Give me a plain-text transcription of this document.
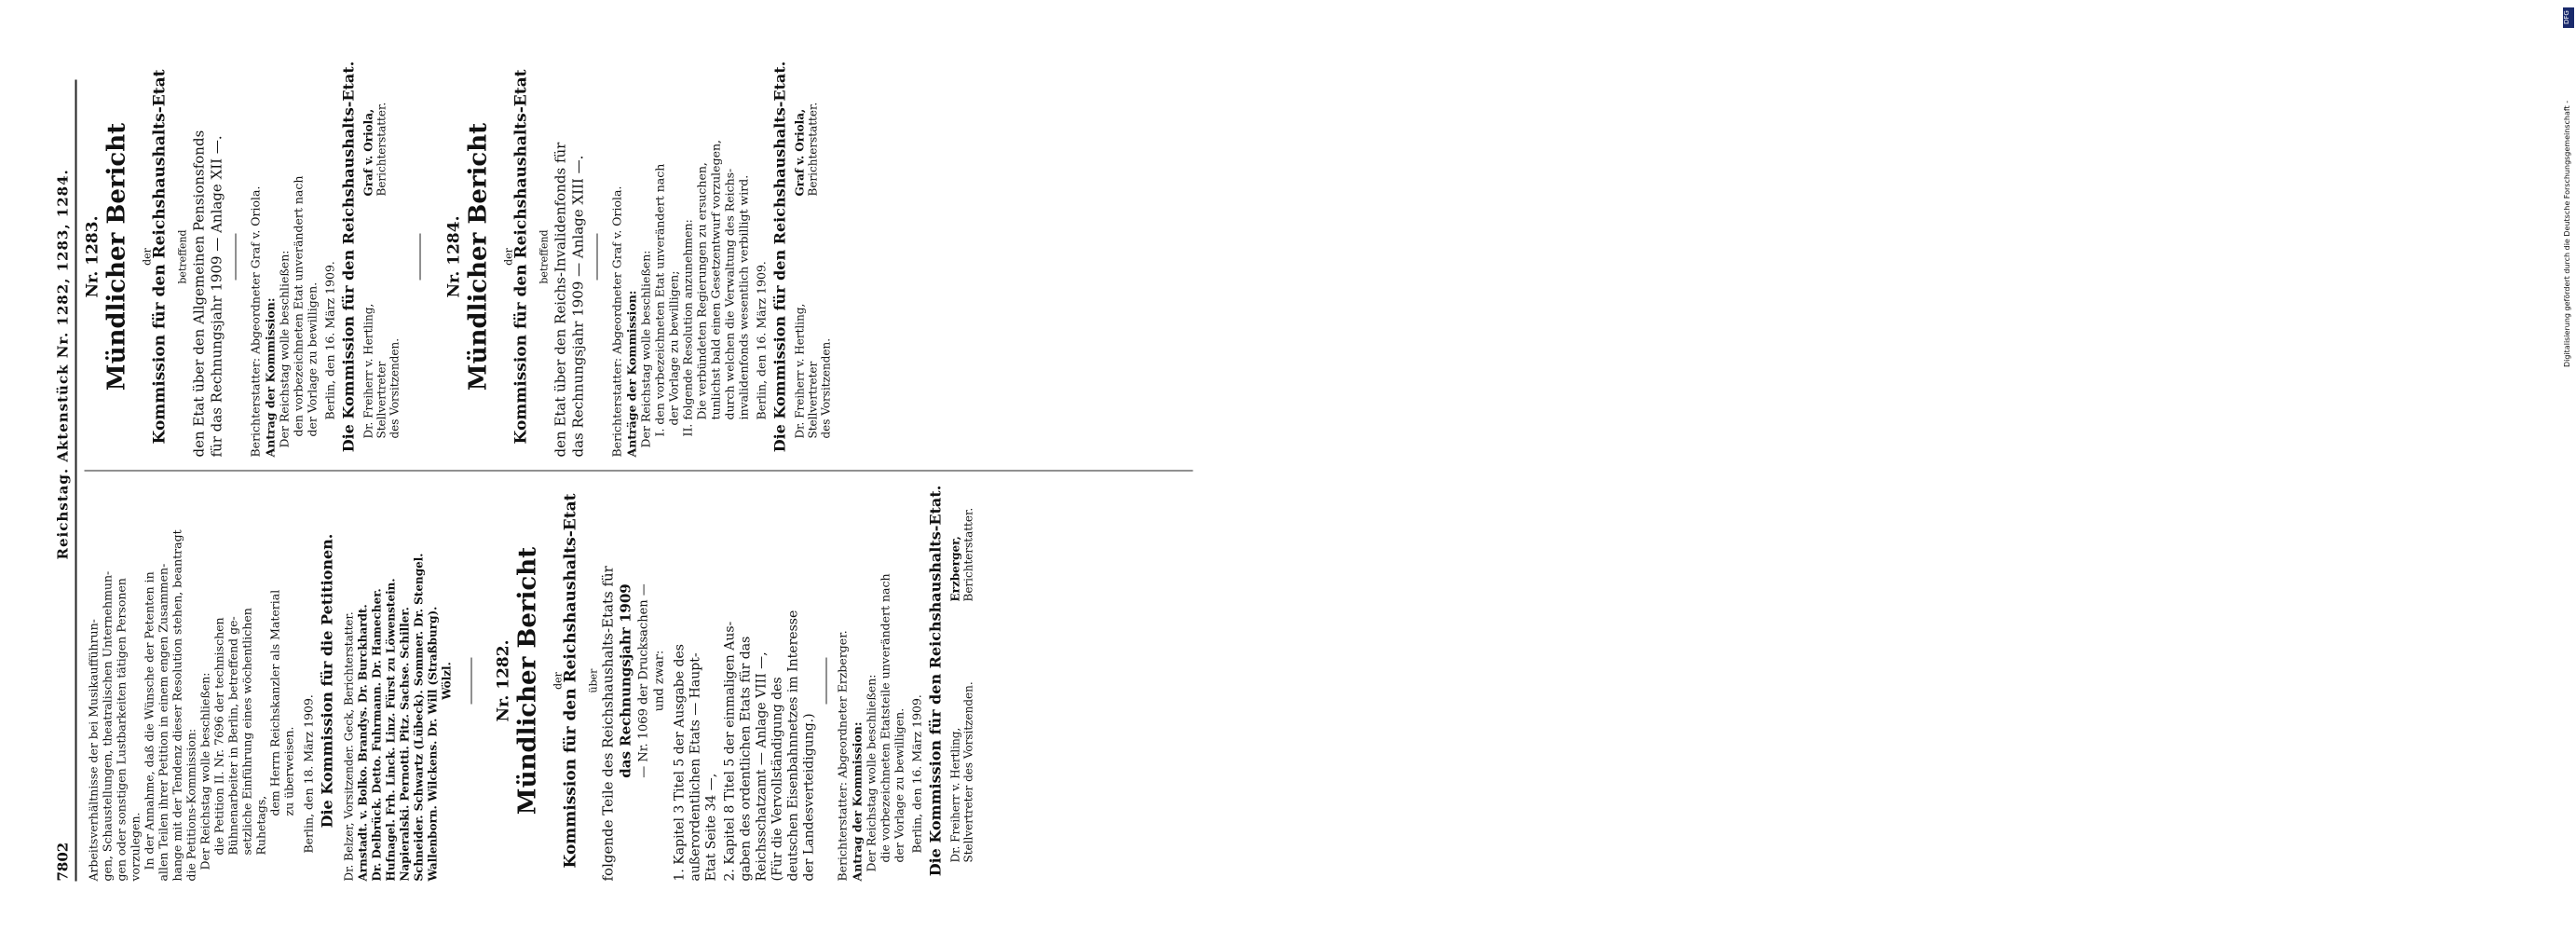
7802
Reichstag. Aktenstück Nr. 1282, 1283, 1284.
Arbeitsverhältnisse der bei Musikaufführun- gen, Schaustellungen, theatralischen Unternehmun- gen oder sonstigen Lustbarkeiten tätigen Personen vorzulegen. In der Annahme, daß die Wünsche der Petenten in allen Teilen ihrer Petition in einem engen Zusammen- hange mit der Tendenz dieser Resolution stehen, beantragt die Petitions-Kommission: Der Reichstag wolle beschließen: die Petition II. Nr. 7696 der technischen Bühnenarbeiter in Berlin, betreffend ge- setzliche Einführung eines wöchentlichen Ruhetags,
dem Herrn Reichskanzler als Material zu überweisen. Berlin, den 18. März 1909. Die Kommission für die Petitionen. Dr. Belzer, Vorsitzender. Geck, Berichterstatter. Arnstadt. v. Bolko. Brandys. Dr. Burckhardt. Dr. Delbrück. Detto. Fuhrmann. Dr. Hamecher. Hufnagel. Frh. Linck. Linz. Fürst zu Löwenstein. Napieralski. Pernotti. Pitz. Sachse. Schiller. Schneider. Schwartz (Lübeck). Sommer. Dr. Stengel. Wallenborn. Wilckens. Dr. Will (Straßburg). Wölzl.	Nr. 1282. Mündlicher Bericht der
Kommission für den Reichshaushalts-Etat über folgende Teile des Reichshaushalts-Etats für das Rechnungsjahr 1909 — Nr. 1069 der Drucksachen — und zwar: 1. Kapitel 3 Titel 5 der Ausgabe des außerordentlichen Etats — Haupt- Etat Seite 34 —, 2. Kapitel 8 Titel 5 der einmaligen Aus- gaben des ordentlichen Etats für das Reichsschatzamt — Anlage VIII —, (Für die Vervollständigung des deutschen Eisenbahnnetzes im Interesse der Landesverteidigung.) Berichterstatter: Abgeordneter Erzberger. Antrag der Kommission: Der Reichstag wolle beschließen: die vorbezeichneten Etatsteile unverändert nach der Vorlage zu bewilligen. Berlin, den 16. März 1909. Die Kommission für den Reichshaushalts-Etat. Dr. Freiherr v. Hertling, Stellvertreter des Vorsitzenden.
Erzberger, Berichterstatter.
Nr. 1283. Mündlicher Bericht der
Kommission für den Reichshaushalts-Etat betreffend den Etat über den Allgemeinen Pensionsfonds für das Rechnungsjahr 1909 — Anlage XII —. Berichterstatter: Abgeordneter Graf v. Oriola. Antrag der Kommission: Der Reichstag wolle beschließen: den vorbezeichneten Etat unverändert nach der Vorlage zu bewilligen. Berlin, den 16. März 1909. Die Kommission für den Reichshaushalts-Etat. Dr. Freiherr v. Hertling, Stellvertreter des Vorsitzenden.
Graf v. Oriola, Berichterstatter.
Nr. 1284. Mündlicher Bericht der
Kommission für den Reichshaushalts-Etat betreffend den Etat über den Reichs-Invalidenfonds für das Rechnungsjahr 1909 — Anlage XIII —. Berichterstatter: Abgeordneter Graf v. Oriola. Anträge der Kommission: Der Reichstag wolle beschließen: I. den vorbezeichneten Etat unverändert nach der Vorlage zu bewilligen; II. folgende Resolution anzunehmen: Die verbündeten Regierungen zu ersuchen, tunlichst bald einen Gesetzentwurf vorzulegen, durch welchen die Verwaltung des Reichs- invalidenfonds wesentlich verbilligt wird. Berlin, den 16. März 1909. Die Kommission für den Reichshaushalts-Etat. Dr. Freiherr v. Hertling, Stellvertreter des Vorsitzenden.
Graf v. Oriola, Berichterstatter.
DFG
Digitalisierung gefördert durch die Deutsche Forschungsgemeinschaft -
